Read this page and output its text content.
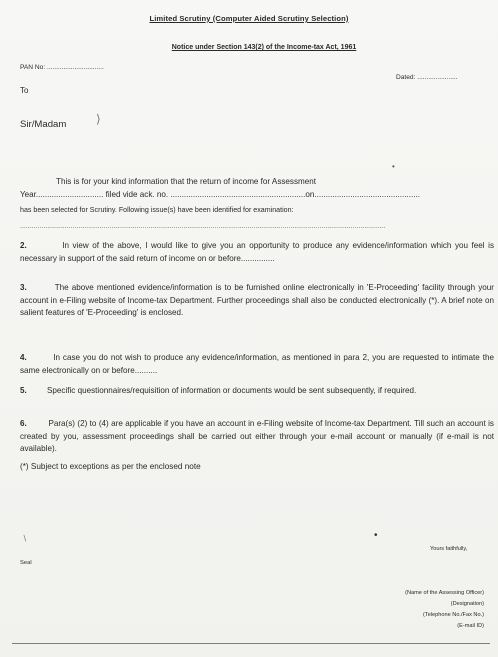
Limited Scrutiny (Computer Aided Scrutiny Selection)
Notice under Section 143(2) of the Income-tax Act, 1961
PAN No: ...............................
Dated: ......................
To
Sir/Madam ⟩
•
This is for your kind information that the return of income for Assessment
Year.............................. filed vide ack. no. ............................................................on...............................................
has been selected for Scrutiny. Following issue(s) have been identified for examination:
............................................................................................................................................................................................
2.	In view of the above, I would like to give you an opportunity to produce any evidence/information which you feel is necessary in support of the said return of income on or before...............
3.	The above mentioned evidence/information is to be furnished online electronically in 'E-Proceeding' facility through your account in e-Filing website of Income-tax Department. Further proceedings shall also be conducted electronically (*). A brief note on salient features of 'E-Proceeding' is enclosed.
4.	In case you do not wish to produce any evidence/information, as mentioned in para 2, you are requested to intimate the same electronically on or before..........
5.	Specific questionnaires/requisition of information or documents would be sent subsequently, if required.
6.	Para(s) (2) to (4) are applicable if you have an account in e-Filing website of Income-tax Department. Till such an account is created by you, assessment proceedings shall be carried out either through your e-mail account or manually (if e-mail is not available).
(*) Subject to exceptions as per the enclosed note
∖	•
Yours faithfully,
Seal
(Name of the Assessing Officer)
(Designation)
(Telephone No./Fax No.)
(E-mail ID)
